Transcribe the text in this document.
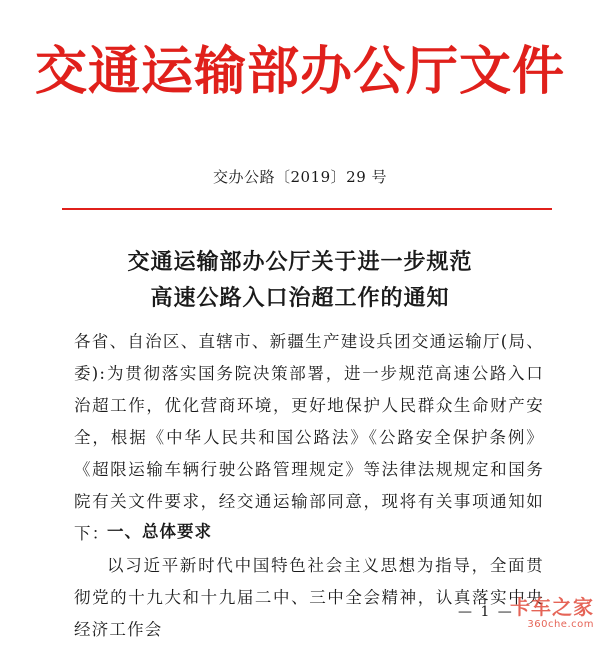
交通运输部办公厅文件
交办公路〔2019〕29 号
交通运输部办公厅关于进一步规范
高速公路入口治超工作的通知

各省、自治区、直辖市、新疆生产建设兵团交通运输厅(局、委): 为贯彻落实国务院决策部署，进一步规范高速公路入口治超工作，优化营商环境，更好地保护人民群众生命财产安全，根据《中华人民共和国公路法》《公路安全保护条例》《超限运输车辆行驶公路管理规定》等法律法规规定和国务院有关文件要求，经交通运输部同意，现将有关事项通知如下：

一、总体要求

以习近平新时代中国特色社会主义思想为指导，全面贯彻党的十九大和十九届二中、三中全会精神，认真落实中央经济工作会

— 1 —
卡车之家
360che.com
